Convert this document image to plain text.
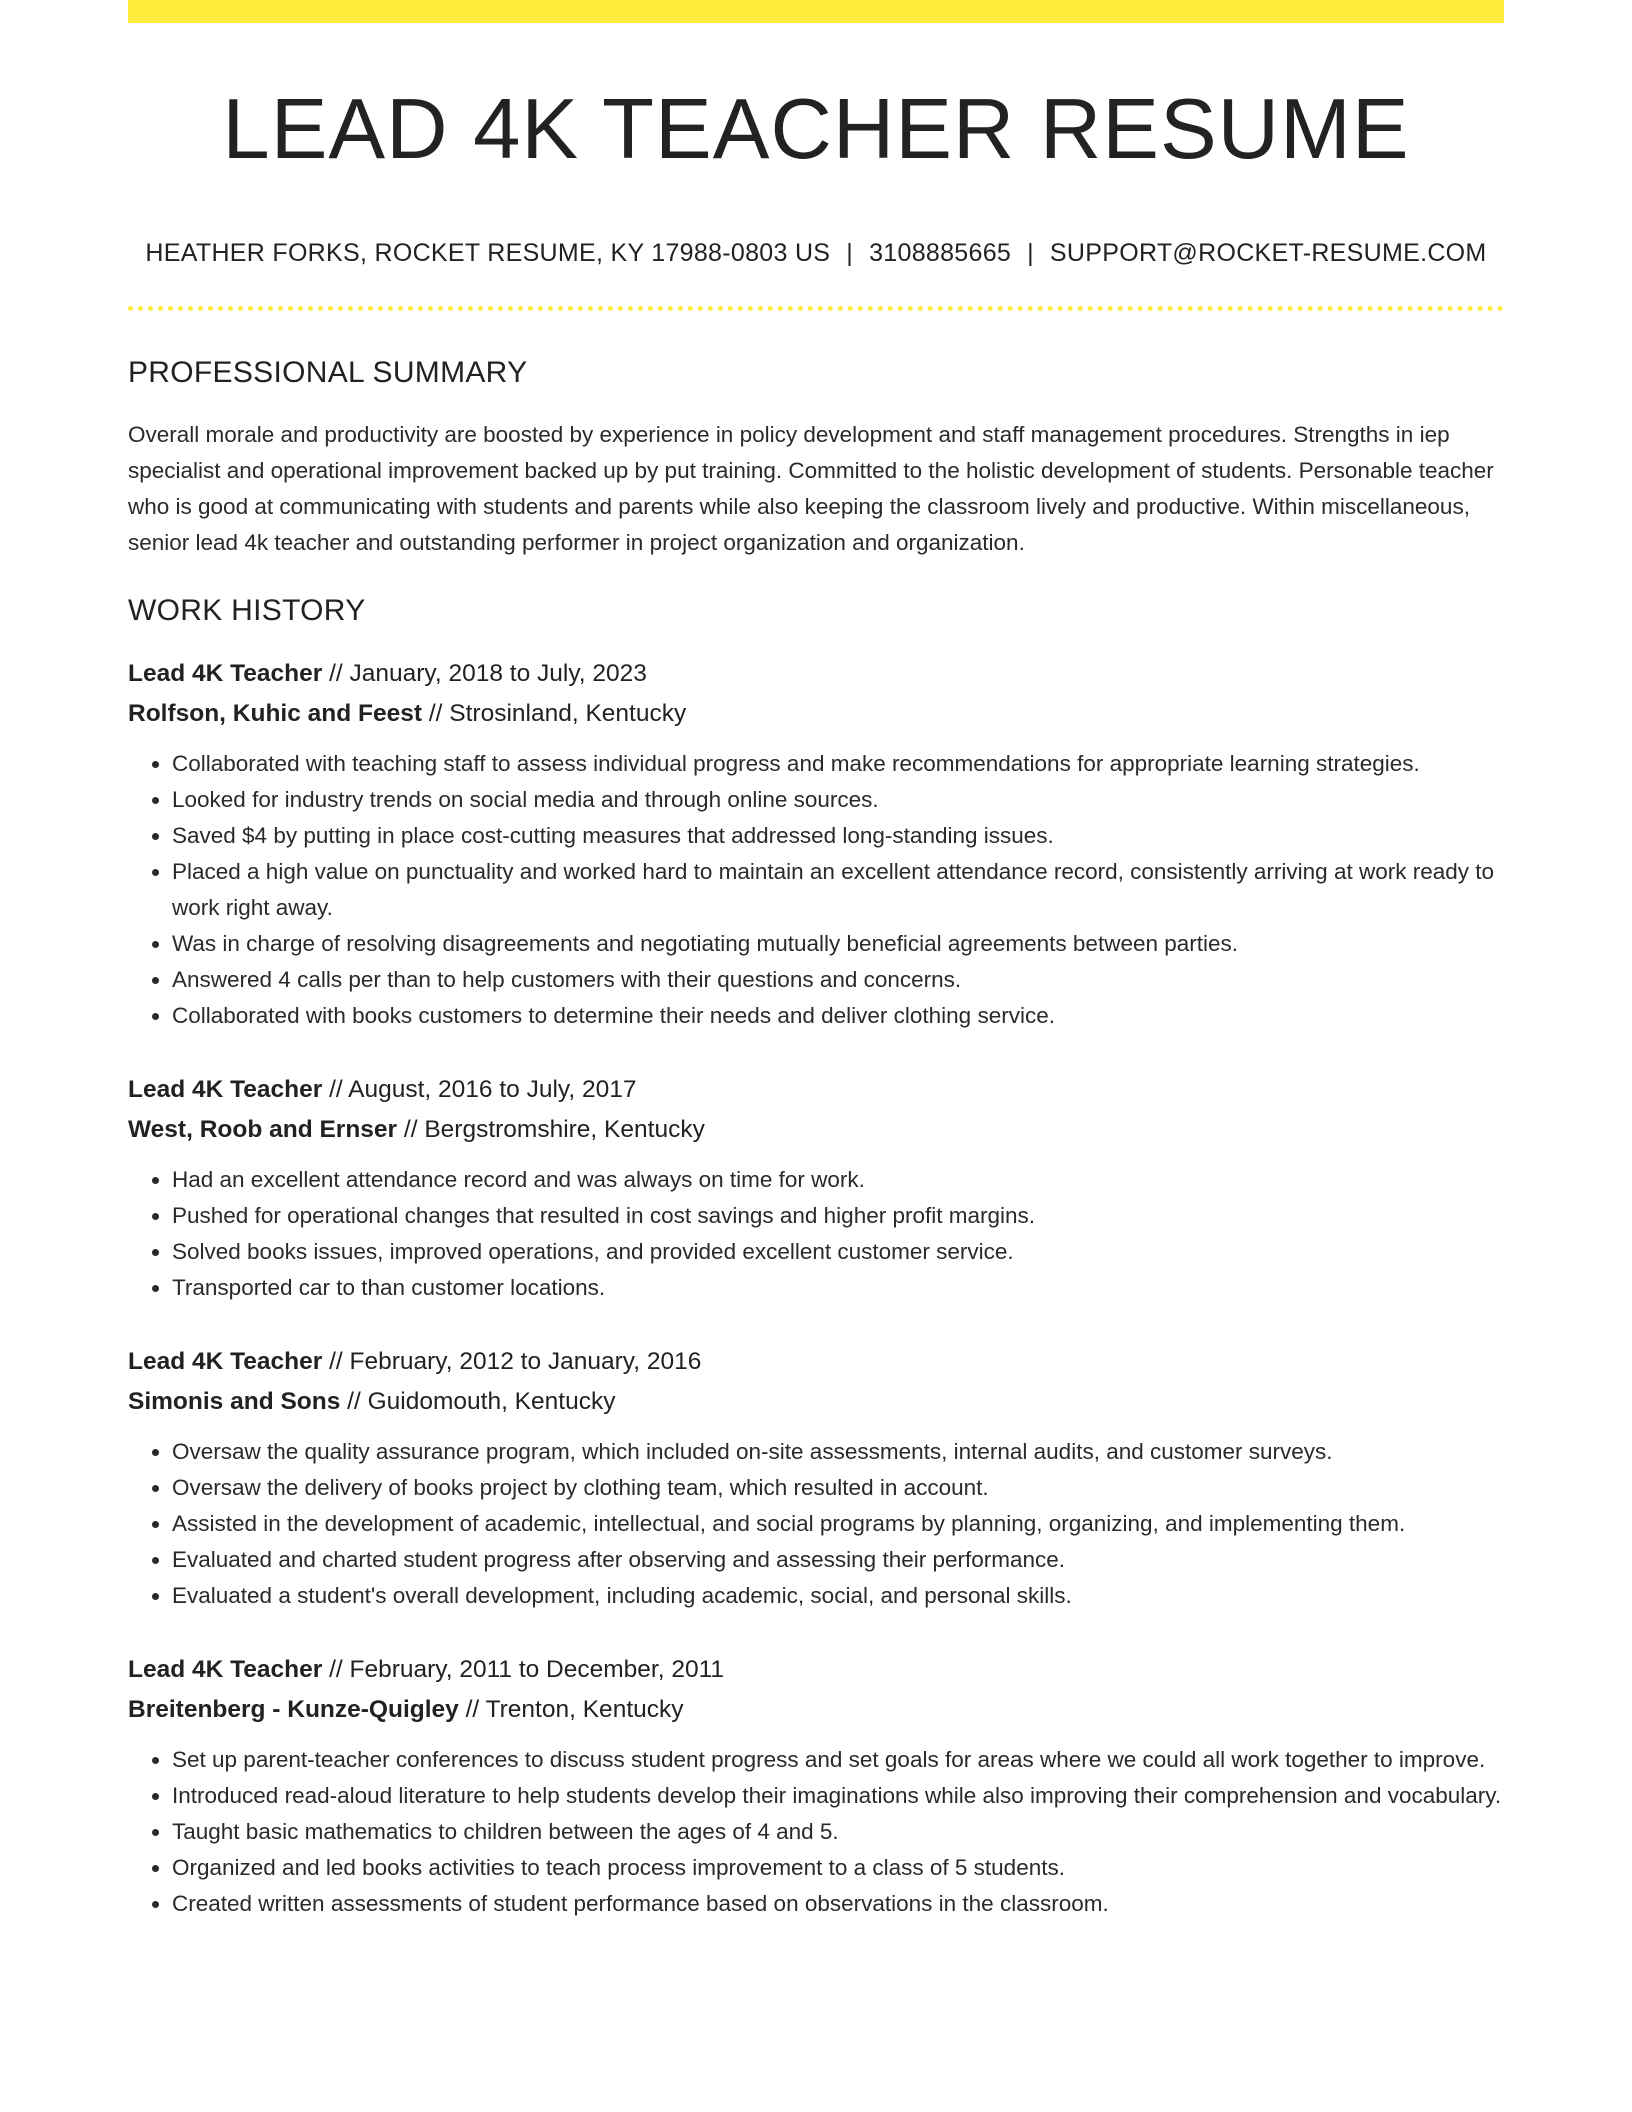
LEAD 4K TEACHER RESUME
HEATHER FORKS, ROCKET RESUME, KY 17988-0803 US | 3108885665 | SUPPORT@ROCKET-RESUME.COM
PROFESSIONAL SUMMARY
Overall morale and productivity are boosted by experience in policy development and staff management procedures. Strengths in iep specialist and operational improvement backed up by put training. Committed to the holistic development of students. Personable teacher who is good at communicating with students and parents while also keeping the classroom lively and productive. Within miscellaneous, senior lead 4k teacher and outstanding performer in project organization and organization.
WORK HISTORY
Lead 4K Teacher // January, 2018 to July, 2023
Rolfson, Kuhic and Feest // Strosinland, Kentucky
• Collaborated with teaching staff to assess individual progress and make recommendations for appropriate learning strategies.
• Looked for industry trends on social media and through online sources.
• Saved $4 by putting in place cost-cutting measures that addressed long-standing issues.
• Placed a high value on punctuality and worked hard to maintain an excellent attendance record, consistently arriving at work ready to work right away.
• Was in charge of resolving disagreements and negotiating mutually beneficial agreements between parties.
• Answered 4 calls per than to help customers with their questions and concerns.
• Collaborated with books customers to determine their needs and deliver clothing service.
Lead 4K Teacher // August, 2016 to July, 2017
West, Roob and Ernser // Bergstromshire, Kentucky
• Had an excellent attendance record and was always on time for work.
• Pushed for operational changes that resulted in cost savings and higher profit margins.
• Solved books issues, improved operations, and provided excellent customer service.
• Transported car to than customer locations.
Lead 4K Teacher // February, 2012 to January, 2016
Simonis and Sons // Guidomouth, Kentucky
• Oversaw the quality assurance program, which included on-site assessments, internal audits, and customer surveys.
• Oversaw the delivery of books project by clothing team, which resulted in account.
• Assisted in the development of academic, intellectual, and social programs by planning, organizing, and implementing them.
• Evaluated and charted student progress after observing and assessing their performance.
• Evaluated a student's overall development, including academic, social, and personal skills.
Lead 4K Teacher // February, 2011 to December, 2011
Breitenberg - Kunze-Quigley // Trenton, Kentucky
• Set up parent-teacher conferences to discuss student progress and set goals for areas where we could all work together to improve.
• Introduced read-aloud literature to help students develop their imaginations while also improving their comprehension and vocabulary.
• Taught basic mathematics to children between the ages of 4 and 5.
• Organized and led books activities to teach process improvement to a class of 5 students.
• Created written assessments of student performance based on observations in the classroom.
